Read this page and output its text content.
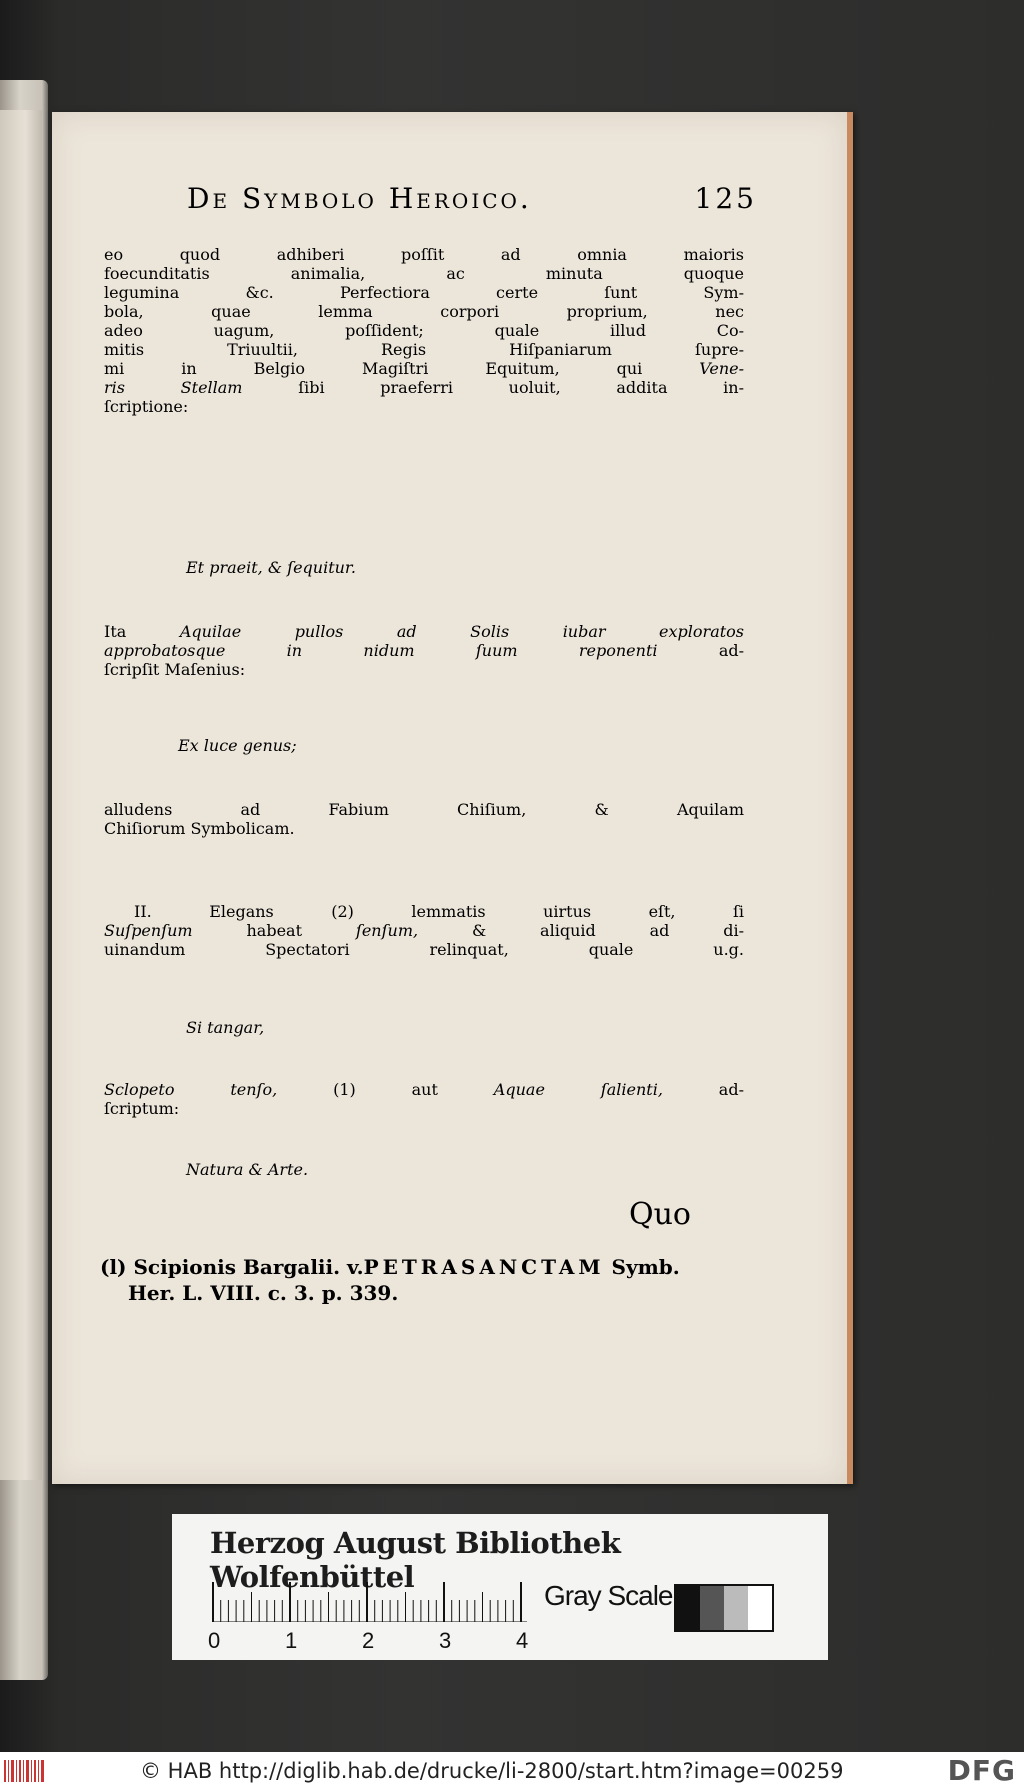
De Symbolo Heroico.	125

eo quod adhiberi poſſit ad omnia maioris

foecunditatis animalia, ac minuta quoque

legumina &c. Perfectiora certe ſunt Sym-

bola, quae lemma corpori proprium, nec

adeo uagum, poſſident; quale illud Co-

mitis Triuultii, Regis Hiſpaniarum ſupre-

mi in Belgio Magiſtri Equitum, qui	Vene-

ris Stellam	ſibi praeferri uoluit, addita in-

ſcriptione:

Et praeit, & ſequitur.

Ita	Aquilae pullos ad Solis iubar exploratos

approbatosque in nidum ſuum reponenti	ad-

ſcripſit Maſenius:

Ex luce genus;

alludens ad Fabium Chiſium, & Aquilam

Chiſiorum Symbolicam.

II. Elegans (2) lemmatis uirtus eſt, ſi

Suſpenſum	habeat	ſenſum,	& aliquid ad di-

uinandum Spectatori relinquat, quale u.g.

Si tangar,

Sclopeto tenſo,	(1) aut	Aquae ſalienti,	ad-

ſcriptum:

Natura & Arte.
Quo
(l) Scipionis Bargalii. v.PETRASANCTAM Symb.
Her. L. VIII. c. 3. p. 339.
Herzog August Bibliothek Wolfenbüttel
0	1	2	3	4
Gray Scale
© HAB http://diglib.hab.de/drucke/li-2800/start.htm?image=00259	DFG
